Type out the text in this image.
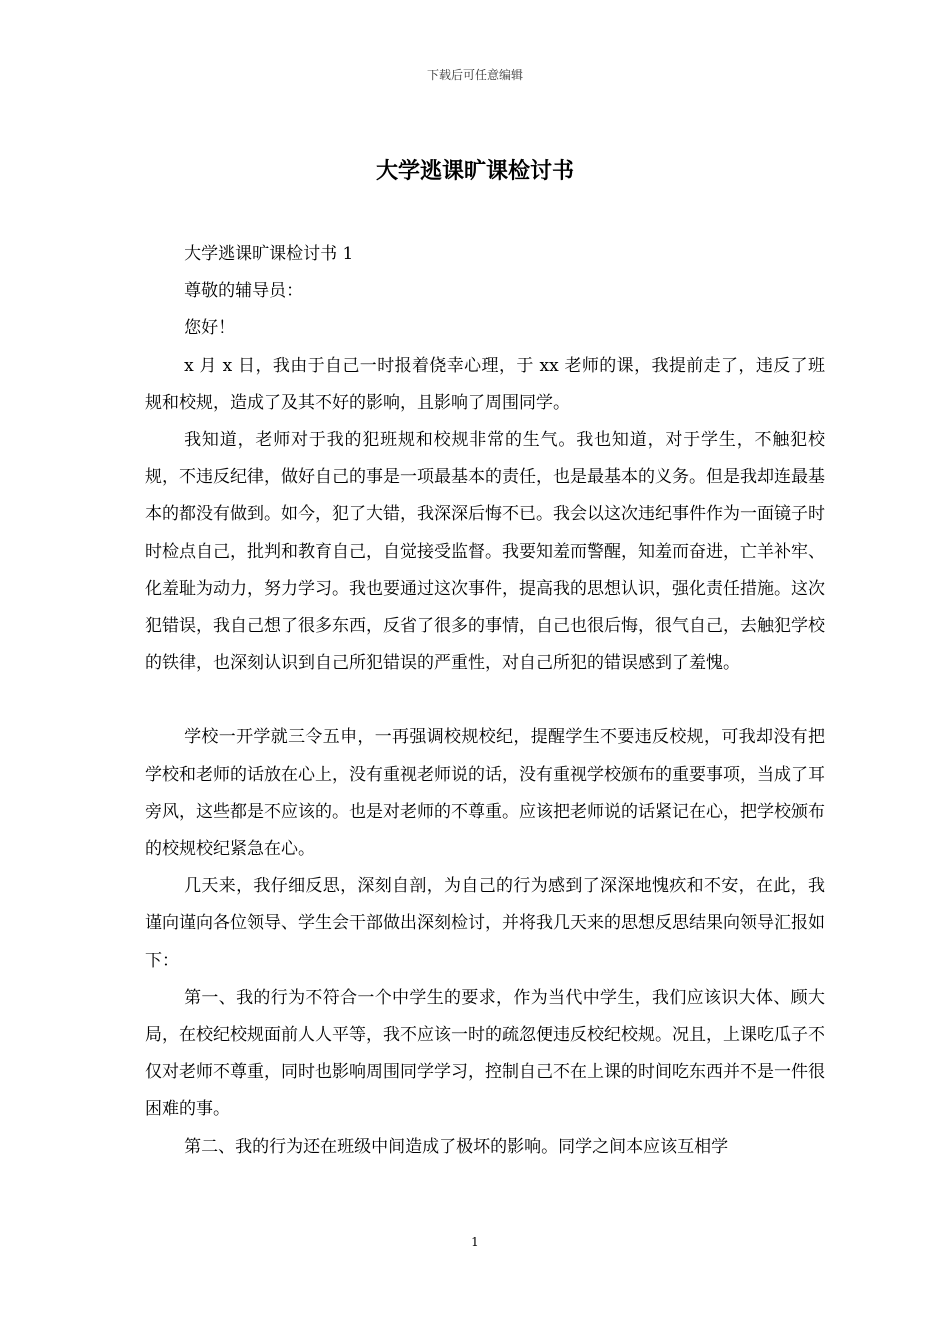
下载后可任意编辑
大学逃课旷课检讨书

大学逃课旷课检讨书 1

尊敬的辅导员：

您好！

x 月 x 日，我由于自己一时报着侥幸心理，于 xx 老师的课，我提前走了，违反了班规和校规，造成了及其不好的影响，且影响了周围同学。

我知道，老师对于我的犯班规和校规非常的生气。我也知道，对于学生，不触犯校规，不违反纪律，做好自己的事是一项最基本的责任，也是最基本的义务。但是我却连最基本的都没有做到。如今，犯了大错，我深深后悔不已。我会以这次违纪事件作为一面镜子时时检点自己，批判和教育自己，自觉接受监督。我要知羞而警醒，知羞而奋进，亡羊补牢、化羞耻为动力，努力学习。我也要通过这次事件，提高我的思想认识，强化责任措施。这次犯错误，我自己想了很多东西，反省了很多的事情，自己也很后悔，很气自己，去触犯学校的铁律，也深刻认识到自己所犯错误的严重性，对自己所犯的错误感到了羞愧。

学校一开学就三令五申，一再强调校规校纪，提醒学生不要违反校规，可我却没有把学校和老师的话放在心上，没有重视老师说的话，没有重视学校颁布的重要事项，当成了耳旁风，这些都是不应该的。也是对老师的不尊重。应该把老师说的话紧记在心，把学校颁布的校规校纪紧急在心。

几天来，我仔细反思，深刻自剖，为自己的行为感到了深深地愧疚和不安，在此，我谨向谨向各位领导、学生会干部做出深刻检讨，并将我几天来的思想反思结果向领导汇报如下：

第一、我的行为不符合一个中学生的要求，作为当代中学生，我们应该识大体、顾大局，在校纪校规面前人人平等，我不应该一时的疏忽便违反校纪校规。况且，上课吃瓜子不仅对老师不尊重，同时也影响周围同学学习，控制自己不在上课的时间吃东西并不是一件很困难的事。

第二、我的行为还在班级中间造成了极坏的影响。同学之间本应该互相学

1
